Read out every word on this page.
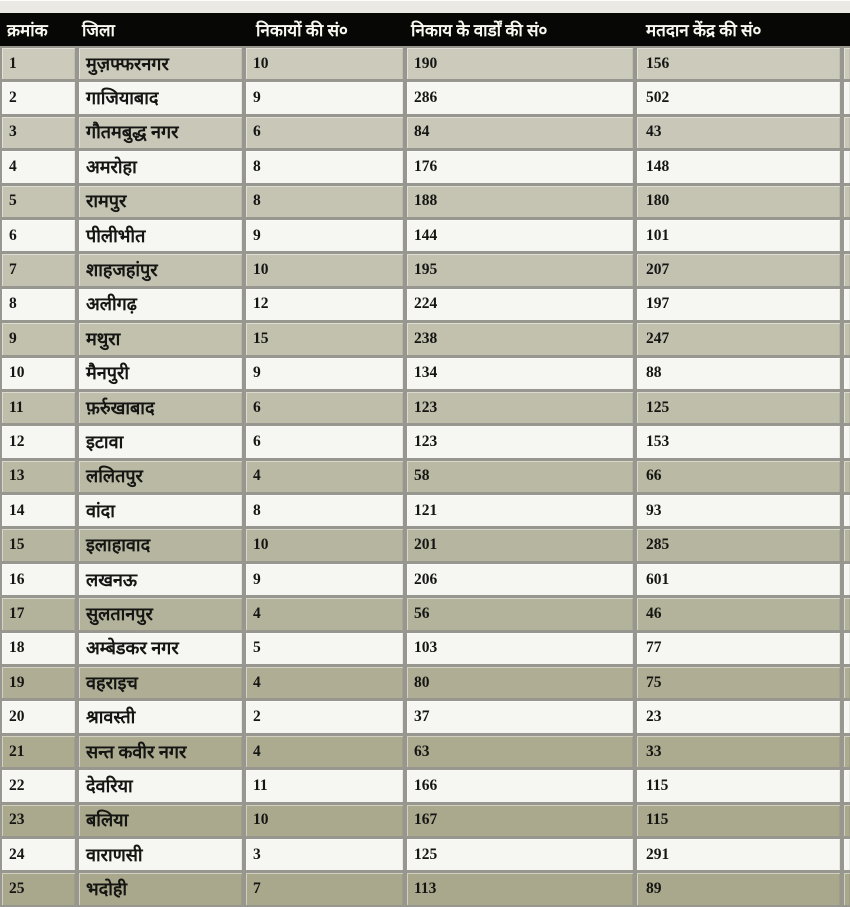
क्रमांक	जिला	निकायों की सं०	निकाय के वार्डों की सं०	मतदान केंद्र की सं०
1	मुज़फ्फरनगर	10	190	156
2	गाजियाबाद	9	286	502
3	गौतमबुद्ध नगर	6	84	43
4	अमरोहा	8	176	148
5	रामपुर	8	188	180
6	पीलीभीत	9	144	101
7	शाहजहांपुर	10	195	207
8	अलीगढ़	12	224	197
9	मथुरा	15	238	247
10	मैनपुरी	9	134	88
11	फ़र्रुखाबाद	6	123	125
12	इटावा	6	123	153
13	ललितपुर	4	58	66
14	वांदा	8	121	93
15	इलाहावाद	10	201	285
16	लखनऊ	9	206	601
17	सुलतानपुर	4	56	46
18	अम्बेडकर नगर	5	103	77
19	वहराइच	4	80	75
20	श्रावस्ती	2	37	23
21	सन्त कवीर नगर	4	63	33
22	देवरिया	11	166	115
23	बलिया	10	167	115
24	वाराणसी	3	125	291
25	भदोही	7	113	89
